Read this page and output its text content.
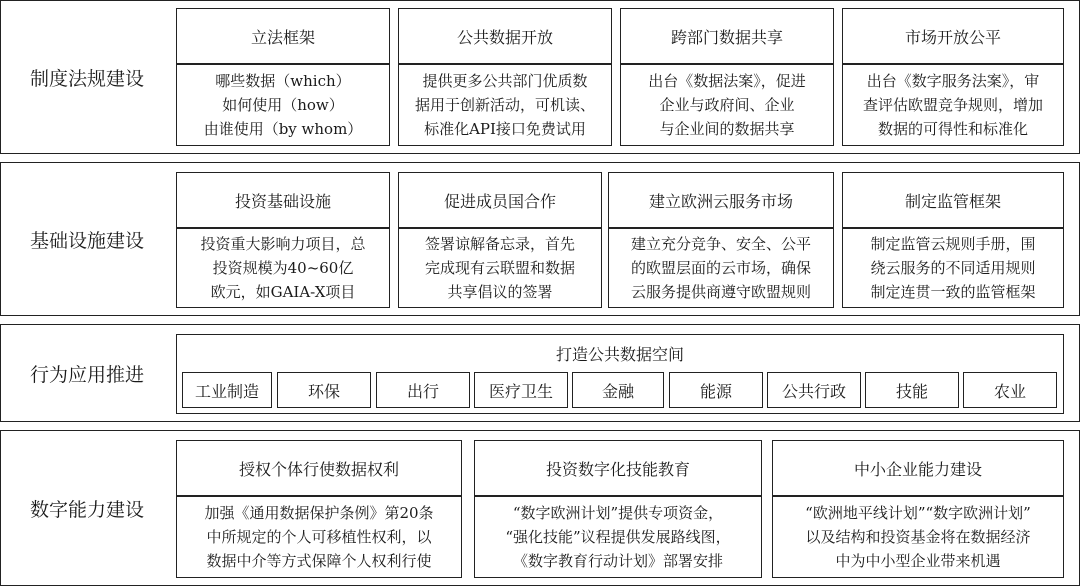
制度法规建设
立法框架
哪些数据（which）
如何使用（how）
由谁使用（by whom）
公共数据开放
提供更多公共部门优质数
据用于创新活动，可机读、
标准化API接口免费试用
跨部门数据共享
出台《数据法案》，促进
企业与政府间、企业
与企业间的数据共享
市场开放公平
出台《数字服务法案》，审
查评估欧盟竞争规则，增加
数据的可得性和标准化
基础设施建设
投资基础设施
投资重大影响力项目，总
投资规模为40~60亿
欧元，如GAIA-X项目
促进成员国合作
签署谅解备忘录，首先
完成现有云联盟和数据
共享倡议的签署
建立欧洲云服务市场
建立充分竞争、安全、公平
的欧盟层面的云市场，确保
云服务提供商遵守欧盟规则
制定监管框架
制定监管云规则手册，围
绕云服务的不同适用规则
制定连贯一致的监管框架
行为应用推进
打造公共数据空间
工业制造	环保	出行	医疗卫生	金融	能源	公共行政	技能	农业
数字能力建设
授权个体行使数据权利
加强《通用数据保护条例》第20条
中所规定的个人可移植性权利，以
数据中介等方式保障个人权利行使
投资数字化技能教育
“数字欧洲计划”提供专项资金，
“强化技能”议程提供发展路线图，
《数字教育行动计划》部署安排
中小企业能力建设
“欧洲地平线计划”“数字欧洲计划”
以及结构和投资基金将在数据经济
中为中小型企业带来机遇
